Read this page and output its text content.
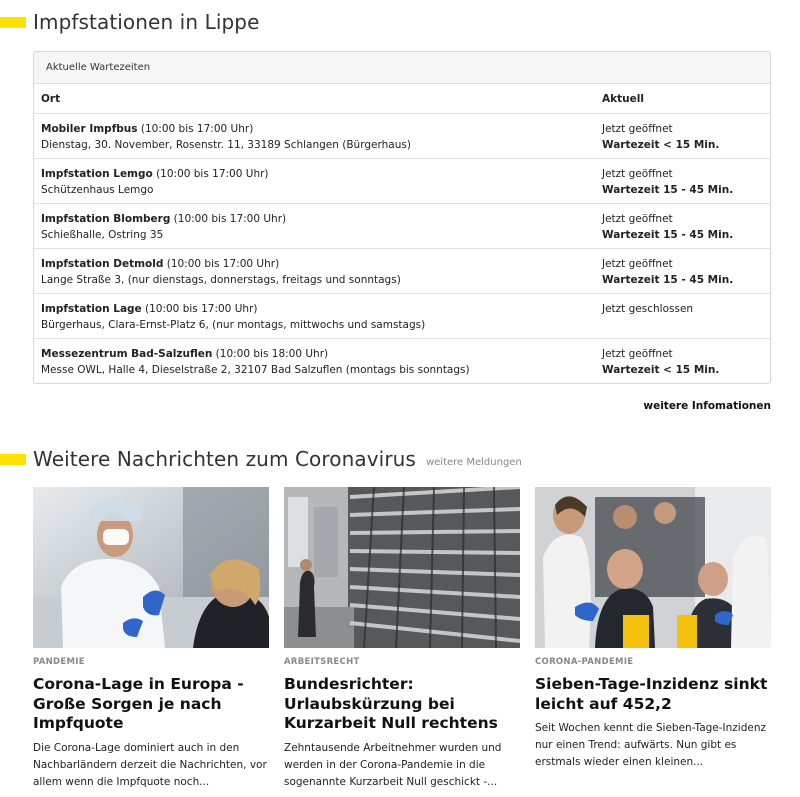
Impfstationen in Lippe
Aktuelle Wartezeiten
Ort	Aktuell
Mobiler Impfbus (10:00 bis 17:00 Uhr)
Dienstag, 30. November, Rosenstr. 11, 33189 Schlangen (Bürgerhaus)
Jetzt geöffnet
Wartezeit < 15 Min.
Impfstation Lemgo (10:00 bis 17:00 Uhr)
Schützenhaus Lemgo
Jetzt geöffnet
Wartezeit 15 - 45 Min.
Impfstation Blomberg (10:00 bis 17:00 Uhr)
Schießhalle, Ostring 35
Jetzt geöffnet
Wartezeit 15 - 45 Min.
Impfstation Detmold (10:00 bis 17:00 Uhr)
Lange Straße 3, (nur dienstags, donnerstags, freitags und sonntags)
Jetzt geöffnet
Wartezeit 15 - 45 Min.
Impfstation Lage (10:00 bis 17:00 Uhr)
Bürgerhaus, Clara-Ernst-Platz 6, (nur montags, mittwochs und samstags)
Jetzt geschlossen
Messezentrum Bad-Salzuflen (10:00 bis 18:00 Uhr)
Messe OWL, Halle 4, Dieselstraße 2, 32107 Bad Salzuflen (montags bis sonntags)
Jetzt geöffnet
Wartezeit < 15 Min.
weitere Infomationen
Weitere Nachrichten zum Coronavirus weitere Meldungen
PANDEMIE
Corona-Lage in Europa - Große Sorgen je nach Impfquote

Die Corona-Lage dominiert auch in den Nachbarländern derzeit die Nachrichten, vor allem wenn die Impfquote noch...

ARBEITSRECHT
Bundesrichter: Urlaubskürzung bei Kurzarbeit Null rechtens

Zehntausende Arbeitnehmer wurden und werden in der Corona-Pandemie in die sogenannte Kurzarbeit Null geschickt -...

CORONA-PANDEMIE
Sieben-Tage-Inzidenz sinkt leicht auf 452,2

Seit Wochen kennt die Sieben-Tage-Inzidenz nur einen Trend: aufwärts. Nun gibt es erstmals wieder einen kleinen...
